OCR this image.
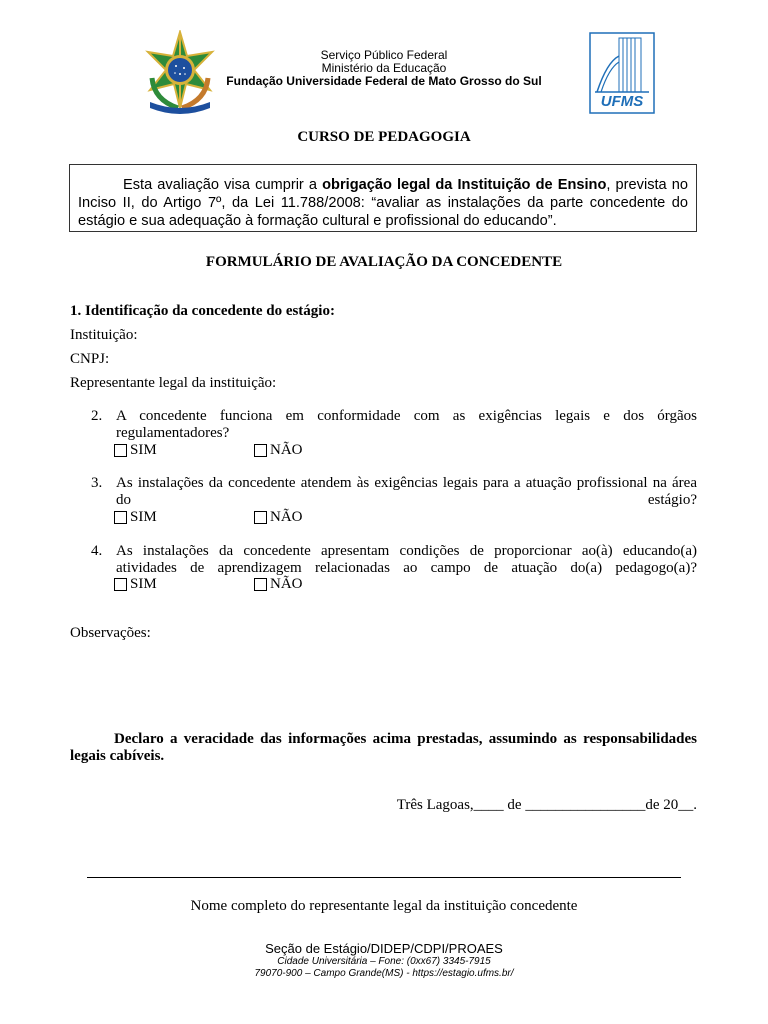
Serviço Público Federal
Ministério da Educação
Fundação Universidade Federal de Mato Grosso do Sul
UFMS
CURSO DE PEDAGOGIA
Esta avaliação visa cumprir a obrigação legal da Instituição de Ensino, prevista no Inciso II, do Artigo 7º, da Lei 11.788/2008: “avaliar as instalações da parte concedente do estágio e sua adequação à formação cultural e profissional do educando”.
FORMULÁRIO DE AVALIAÇÃO DA CONCEDENTE
1. Identificação da concedente do estágio:
Instituição:
CNPJ:
Representante legal da instituição:
2. A concedente funciona em conformidade com as exigências legais e dos órgãos
regulamentadores?
SIM	NÃO
3. As instalações da concedente atendem às exigências legais para a atuação profissional na área
do estágio?
SIM	NÃO
4. As instalações da concedente apresentam condições de proporcionar ao(à) educando(a)
atividades de aprendizagem relacionadas ao campo de atuação do(a) pedagogo(a)?
SIM	NÃO
Observações:
Declaro a veracidade das informações acima prestadas, assumindo as responsabilidades
legais cabíveis.
Três Lagoas,____ de ________________de 20__.
Nome completo do representante legal da instituição concedente
Seção de Estágio/DIDEP/CDPI/PROAES
Cidade Universitária – Fone: (0xx67) 3345-7915
79070-900 – Campo Grande(MS) - https://estagio.ufms.br/
